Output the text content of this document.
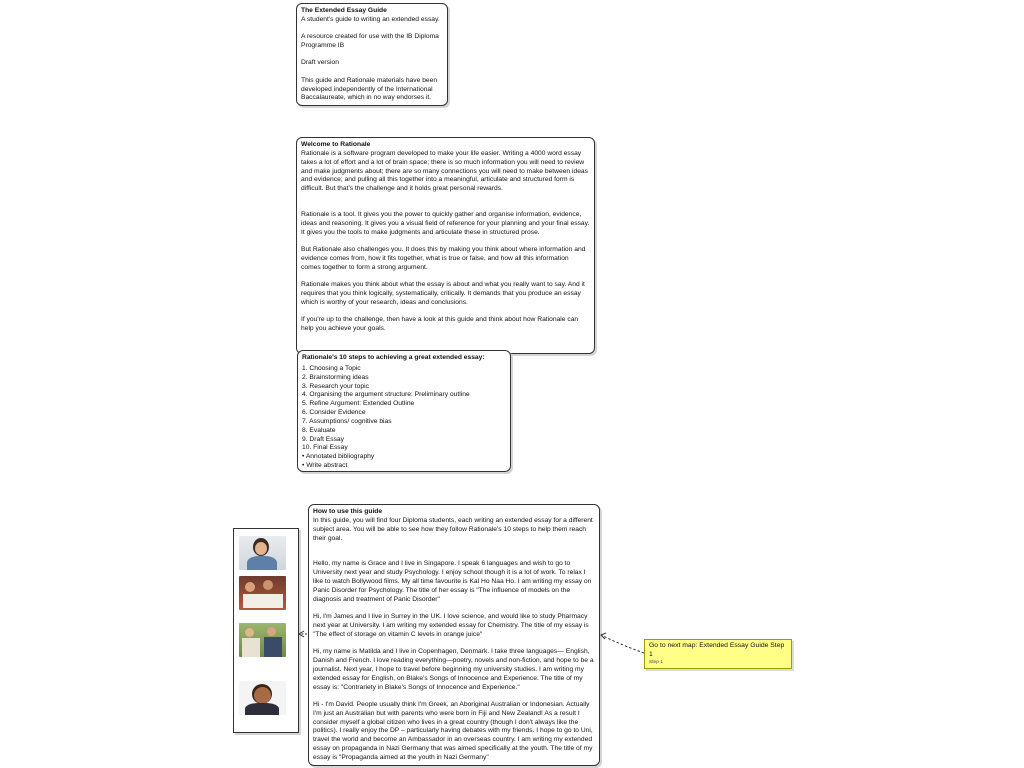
The Extended Essay Guide

A student's guide to writing an extended essay.

A resource created for use with the IB Diploma Programme IB

Draft version

This guide and Rationale materials have been developed independently of the International Baccalaureate, which in no way endorses it.

Welcome to Rationale

Rationale is a software program developed to make your life easier. Writing a 4000 word essay takes a lot of effort and a lot of brain space; there is so much information you will need to review and make judgments about; there are so many connections you will need to make between ideas and evidence; and pulling all this together into a meaningful, articulate and structured form is
difficult. But that's the challenge and it holds great personal rewards.

Rationale is a tool. It gives you the power to quickly gather and organise information, evidence, ideas and reasoning. It gives you a visual field of reference for your planning and your final essay.
It gives you the tools to make judgments and articulate these in structured prose.

But Rationale also challenges you. It does this by making you think about where information and evidence comes from, how it fits together, what is true or false, and how all this information comes together to form a strong argument.

Rationale makes you think about what the essay is about and what you really want to say. And it requires that you think logically, systematically, critically. It demands that you produce an essay which is worthy of your research, ideas and conclusions.

If you're up to the challenge, then have a look at this guide and think about how Rationale can help you achieve your goals.

Rationale's 10 steps to achieving a great extended essay:
1. Choosing a Topic
2. Brainstorming ideas
3. Research your topic
4. Organising the argument structure: Preliminary outline
5. Refine Argument: Extended Outline
6. Consider Evidence
7. Assumptions/ cognitive bias
8. Evaluate
9. Draft Essay
10. Final Essay
• Annotated bibliography
• Write abstract
How to use this guide

In this guide, you will find four Diploma students, each writing an extended essay for a different subject area. You will be able to see how they follow Rationale's 10 steps to help them reach their goal.

Hello, my name is Grace and I live in Singapore. I speak 6 languages and wish to go to University next year and study Psychology. I enjoy school though it is a lot of work. To relax I like to watch Bollywood films. My all time favourite is Kal Ho Naa Ho. I am writing my essay on Panic Disorder for Psychology. The title of her essay is "The influence of models on the diagnosis and treatment of Panic Disorder"

Hi, I'm James and I live in Surrey in the UK. I love science, and would like to study Pharmacy next year at University. I am writing my extended essay for Chemistry. The title of my essay is "The effect of storage on vitamin C levels in orange juice"

Hi, my name is Matilda and I live in Copenhagen, Denmark. I take three languages— English, Danish and French. I love reading everything—poetry, novels and non-fiction, and hope to be a journalist. Next year, I hope to travel before beginning my university studies. I am writing my extended essay for English, on Blake's Songs of Innocence and Experience. The title of my essay is: "Contrariety in Blake's Songs of Innocence and Experience."

Hi - I'm David. People usually think I'm Greek, an Aboriginal Australian or Indonesian. Actually I'm just an Australian but with parents who were born in Fiji and New Zealand! As a result I consider myself a global citizen who lives in a great country (though I don't always like the politics). I really enjoy the DP – particularly having debates with my friends. I hope to go to Uni, travel the world and become an Ambassador in an overseas country. I am writing my extended essay on propaganda in Nazi Germany that was aimed specifically at the youth. The title of my essay is "Propaganda aimed at the youth in Nazi Germany"

Go to next map: Extended Essay Guide Step 1
Step 1
